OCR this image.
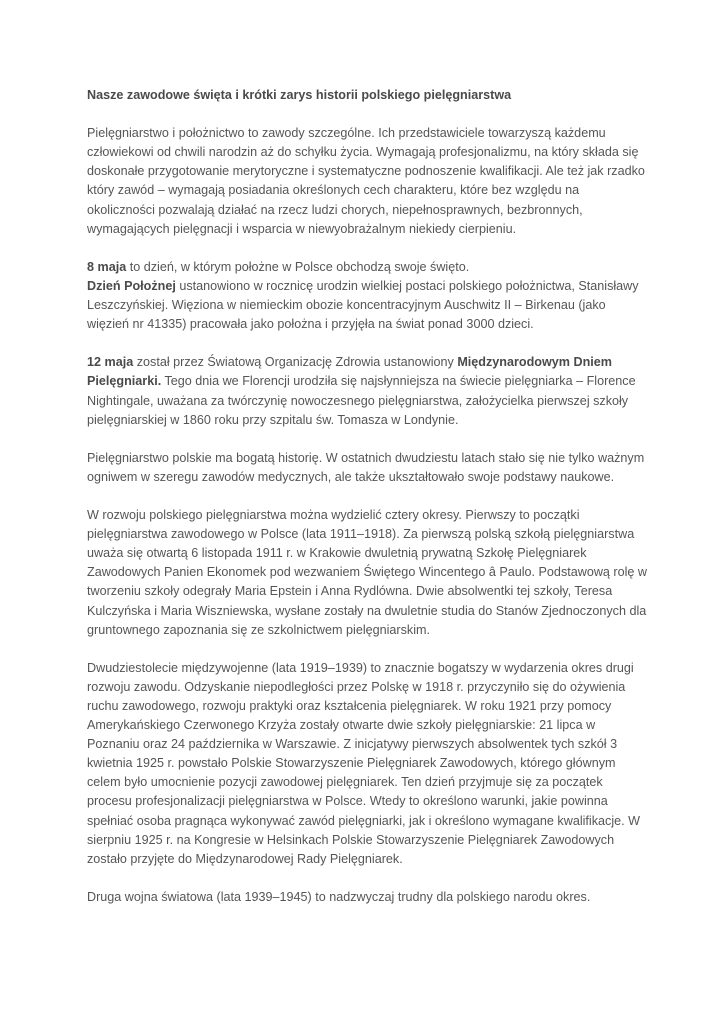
Nasze zawodowe święta i krótki zarys historii polskiego pielęgniarstwa

Pielęgniarstwo i położnictwo to zawody szczególne. Ich przedstawiciele towarzyszą każdemu człowiekowi od chwili narodzin aż do schyłku życia. Wymagają profesjonalizmu, na który składa się doskonałe przygotowanie merytoryczne i systematyczne podnoszenie kwalifikacji. Ale też jak rzadko który zawód – wymagają posiadania określonych cech charakteru, które bez względu na okoliczności pozwalają działać na rzecz ludzi chorych, niepełnosprawnych, bezbronnych, wymagających pielęgnacji i wsparcia w niewyobrażalnym niekiedy cierpieniu.

8 maja to dzień, w którym położne w Polsce obchodzą swoje święto.
Dzień Położnej ustanowiono w rocznicę urodzin wielkiej postaci polskiego położnictwa, Stanisławy Leszczyńskiej. Więziona w niemieckim obozie koncentracyjnym Auschwitz II – Birkenau (jako więzień nr 41335) pracowała jako położna i przyjęła na świat ponad 3000 dzieci.

12 maja został przez Światową Organizację Zdrowia ustanowiony Międzynarodowym Dniem Pielęgniarki. Tego dnia we Florencji urodziła się najsłynniejsza na świecie pielęgniarka – Florence Nightingale, uważana za twórczynię nowoczesnego pielęgniarstwa, założycielka pierwszej szkoły pielęgniarskiej w 1860 roku przy szpitalu św. Tomasza w Londynie.

Pielęgniarstwo polskie ma bogatą historię. W ostatnich dwudziestu latach stało się nie tylko ważnym ogniwem w szeregu zawodów medycznych, ale także ukształtowało swoje podstawy naukowe.

W rozwoju polskiego pielęgniarstwa można wydzielić cztery okresy. Pierwszy to początki pielęgniarstwa zawodowego w Polsce (lata 1911–1918). Za pierwszą polską szkołą pielęgniarstwa uważa się otwartą 6 listopada 1911 r. w Krakowie dwuletnią prywatną Szkołę Pielęgniarek Zawodowych Panien Ekonomek pod wezwaniem Świętego Wincentego â Paulo. Podstawową rolę w tworzeniu szkoły odegrały Maria Epstein i Anna Rydlówna. Dwie absolwentki tej szkoły, Teresa Kulczyńska i Maria Wiszniewska, wysłane zostały na dwuletnie studia do Stanów Zjednoczonych dla gruntownego zapoznania się ze szkolnictwem pielęgniarskim.

Dwudziestolecie międzywojenne (lata 1919–1939) to znacznie bogatszy w wydarzenia okres drugi rozwoju zawodu. Odzyskanie niepodległości przez Polskę w 1918 r. przyczyniło się do ożywienia ruchu zawodowego, rozwoju praktyki oraz kształcenia pielęgniarek. W roku 1921 przy pomocy Amerykańskiego Czerwonego Krzyża zostały otwarte dwie szkoły pielęgniarskie: 21 lipca w Poznaniu oraz 24 października w Warszawie. Z inicjatywy pierwszych absolwentek tych szkół 3 kwietnia 1925 r. powstało Polskie Stowarzyszenie Pielęgniarek Zawodowych, którego głównym celem było umocnienie pozycji zawodowej pielęgniarek. Ten dzień przyjmuje się za początek procesu profesjonalizacji pielęgniarstwa w Polsce. Wtedy to określono warunki, jakie powinna spełniać osoba pragnąca wykonywać zawód pielęgniarki, jak i określono wymagane kwalifikacje. W sierpniu 1925 r. na Kongresie w Helsinkach Polskie Stowarzyszenie Pielęgniarek Zawodowych zostało przyjęte do Międzynarodowej Rady Pielęgniarek.

Druga wojna światowa (lata 1939–1945) to nadzwyczaj trudny dla polskiego narodu okres.
